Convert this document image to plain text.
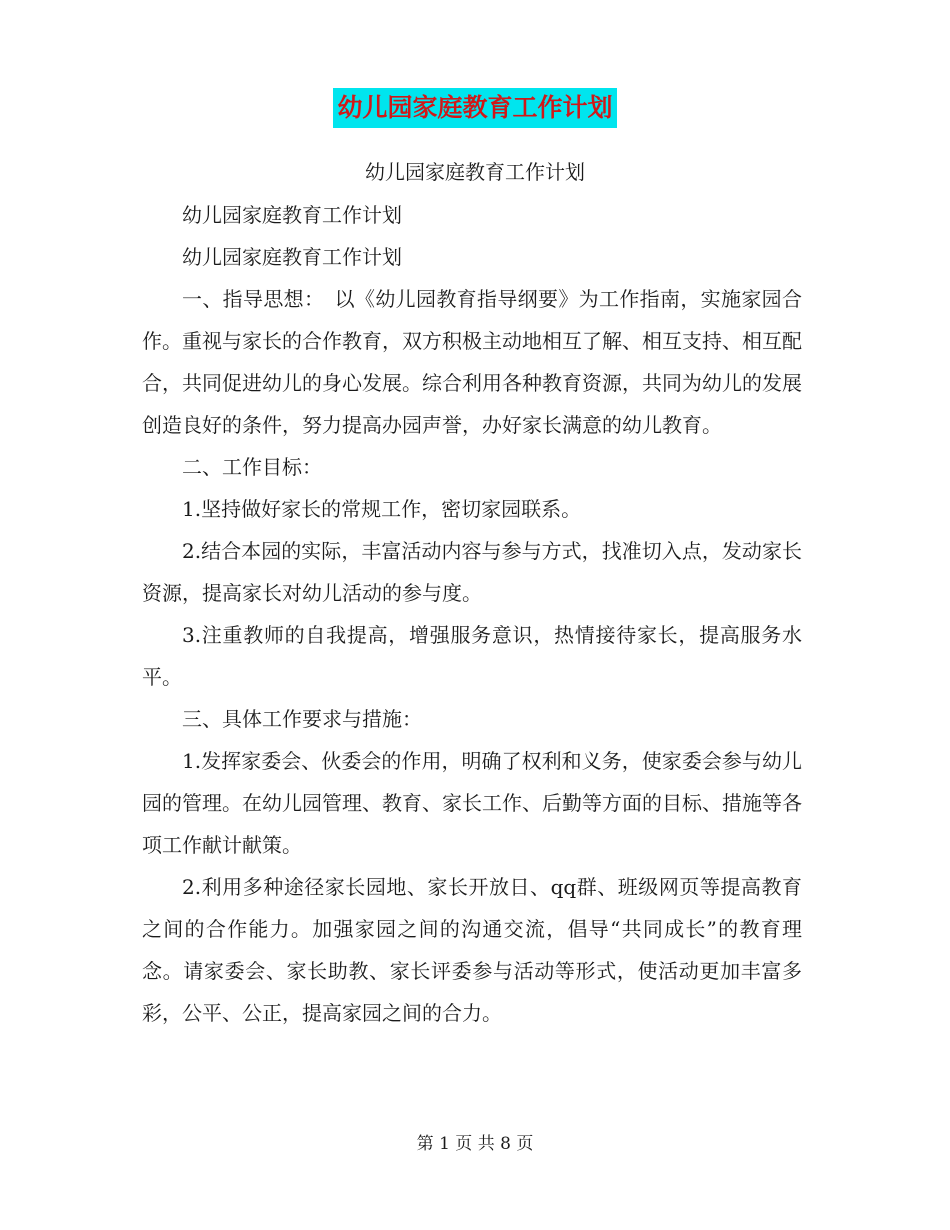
幼儿园家庭教育工作计划
幼儿园家庭教育工作计划

幼儿园家庭教育工作计划

幼儿园家庭教育工作计划

一、指导思想：　以《幼儿园教育指导纲要》为工作指南，实施家园合作。重视与家长的合作教育，双方积极主动地相互了解、相互支持、相互配合，共同促进幼儿的身心发展。综合利用各种教育资源，共同为幼儿的发展创造良好的条件，努力提高办园声誉，办好家长满意的幼儿教育。

二、工作目标：

1.坚持做好家长的常规工作，密切家园联系。

2.结合本园的实际，丰富活动内容与参与方式，找准切入点，发动家长资源，提高家长对幼儿活动的参与度。

3.注重教师的自我提高，增强服务意识，热情接待家长，提高服务水平。

三、具体工作要求与措施：

1.发挥家委会、伙委会的作用，明确了权利和义务，使家委会参与幼儿园的管理。在幼儿园管理、教育、家长工作、后勤等方面的目标、措施等各项工作献计献策。

2.利用多种途径家长园地、家长开放日、qq群、班级网页等提高教育之间的合作能力。加强家园之间的沟通交流，倡导“共同成长”的教育理念。请家委会、家长助教、家长评委参与活动等形式，使活动更加丰富多彩，公平、公正，提高家园之间的合力。

第 1 页 共 8 页
